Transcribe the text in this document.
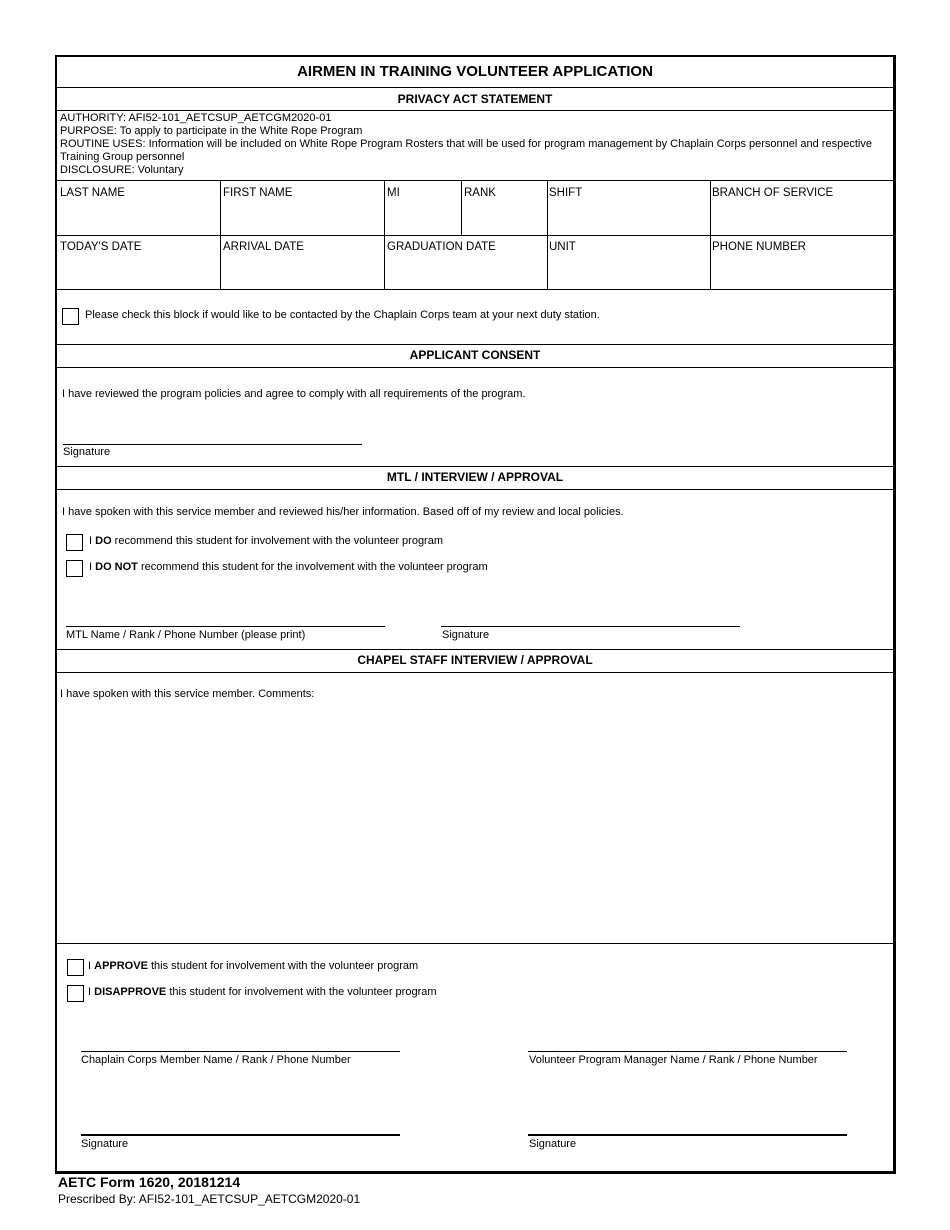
AIRMEN IN TRAINING VOLUNTEER APPLICATION
PRIVACY ACT STATEMENT
AUTHORITY: AFI52-101_AETCSUP_AETCGM2020-01
PURPOSE: To apply to participate in the White Rope Program
ROUTINE USES: Information will be included on White Rope Program Rosters that will be used for program management by Chaplain Corps personnel and respective
Training Group personnel
DISCLOSURE: Voluntary
LAST NAME	FIRST NAME	MI	RANK	SHIFT	BRANCH OF SERVICE
TODAY'S DATE	ARRIVAL DATE	GRADUATION DATE	UNIT	PHONE NUMBER
Please check this block if would like to be contacted by the Chaplain Corps team at your next duty station.
APPLICANT CONSENT
I have reviewed the program policies and agree to comply with all requirements of the program.
Signature
MTL / INTERVIEW / APPROVAL
I have spoken with this service member and reviewed his/her information. Based off of my review and local policies.
I DO recommend this student for involvement with the volunteer program
I DO NOT recommend this student for the involvement with the volunteer program
MTL Name / Rank / Phone Number (please print)	Signature
CHAPEL STAFF INTERVIEW / APPROVAL
I have spoken with this service member. Comments:
I APPROVE this student for involvement with the volunteer program
I DISAPPROVE this student for involvement with the volunteer program
Chaplain Corps Member Name / Rank / Phone Number	Volunteer Program Manager Name / Rank / Phone Number
Signature	Signature
AETC Form 1620, 20181214
Prescribed By: AFI52-101_AETCSUP_AETCGM2020-01
